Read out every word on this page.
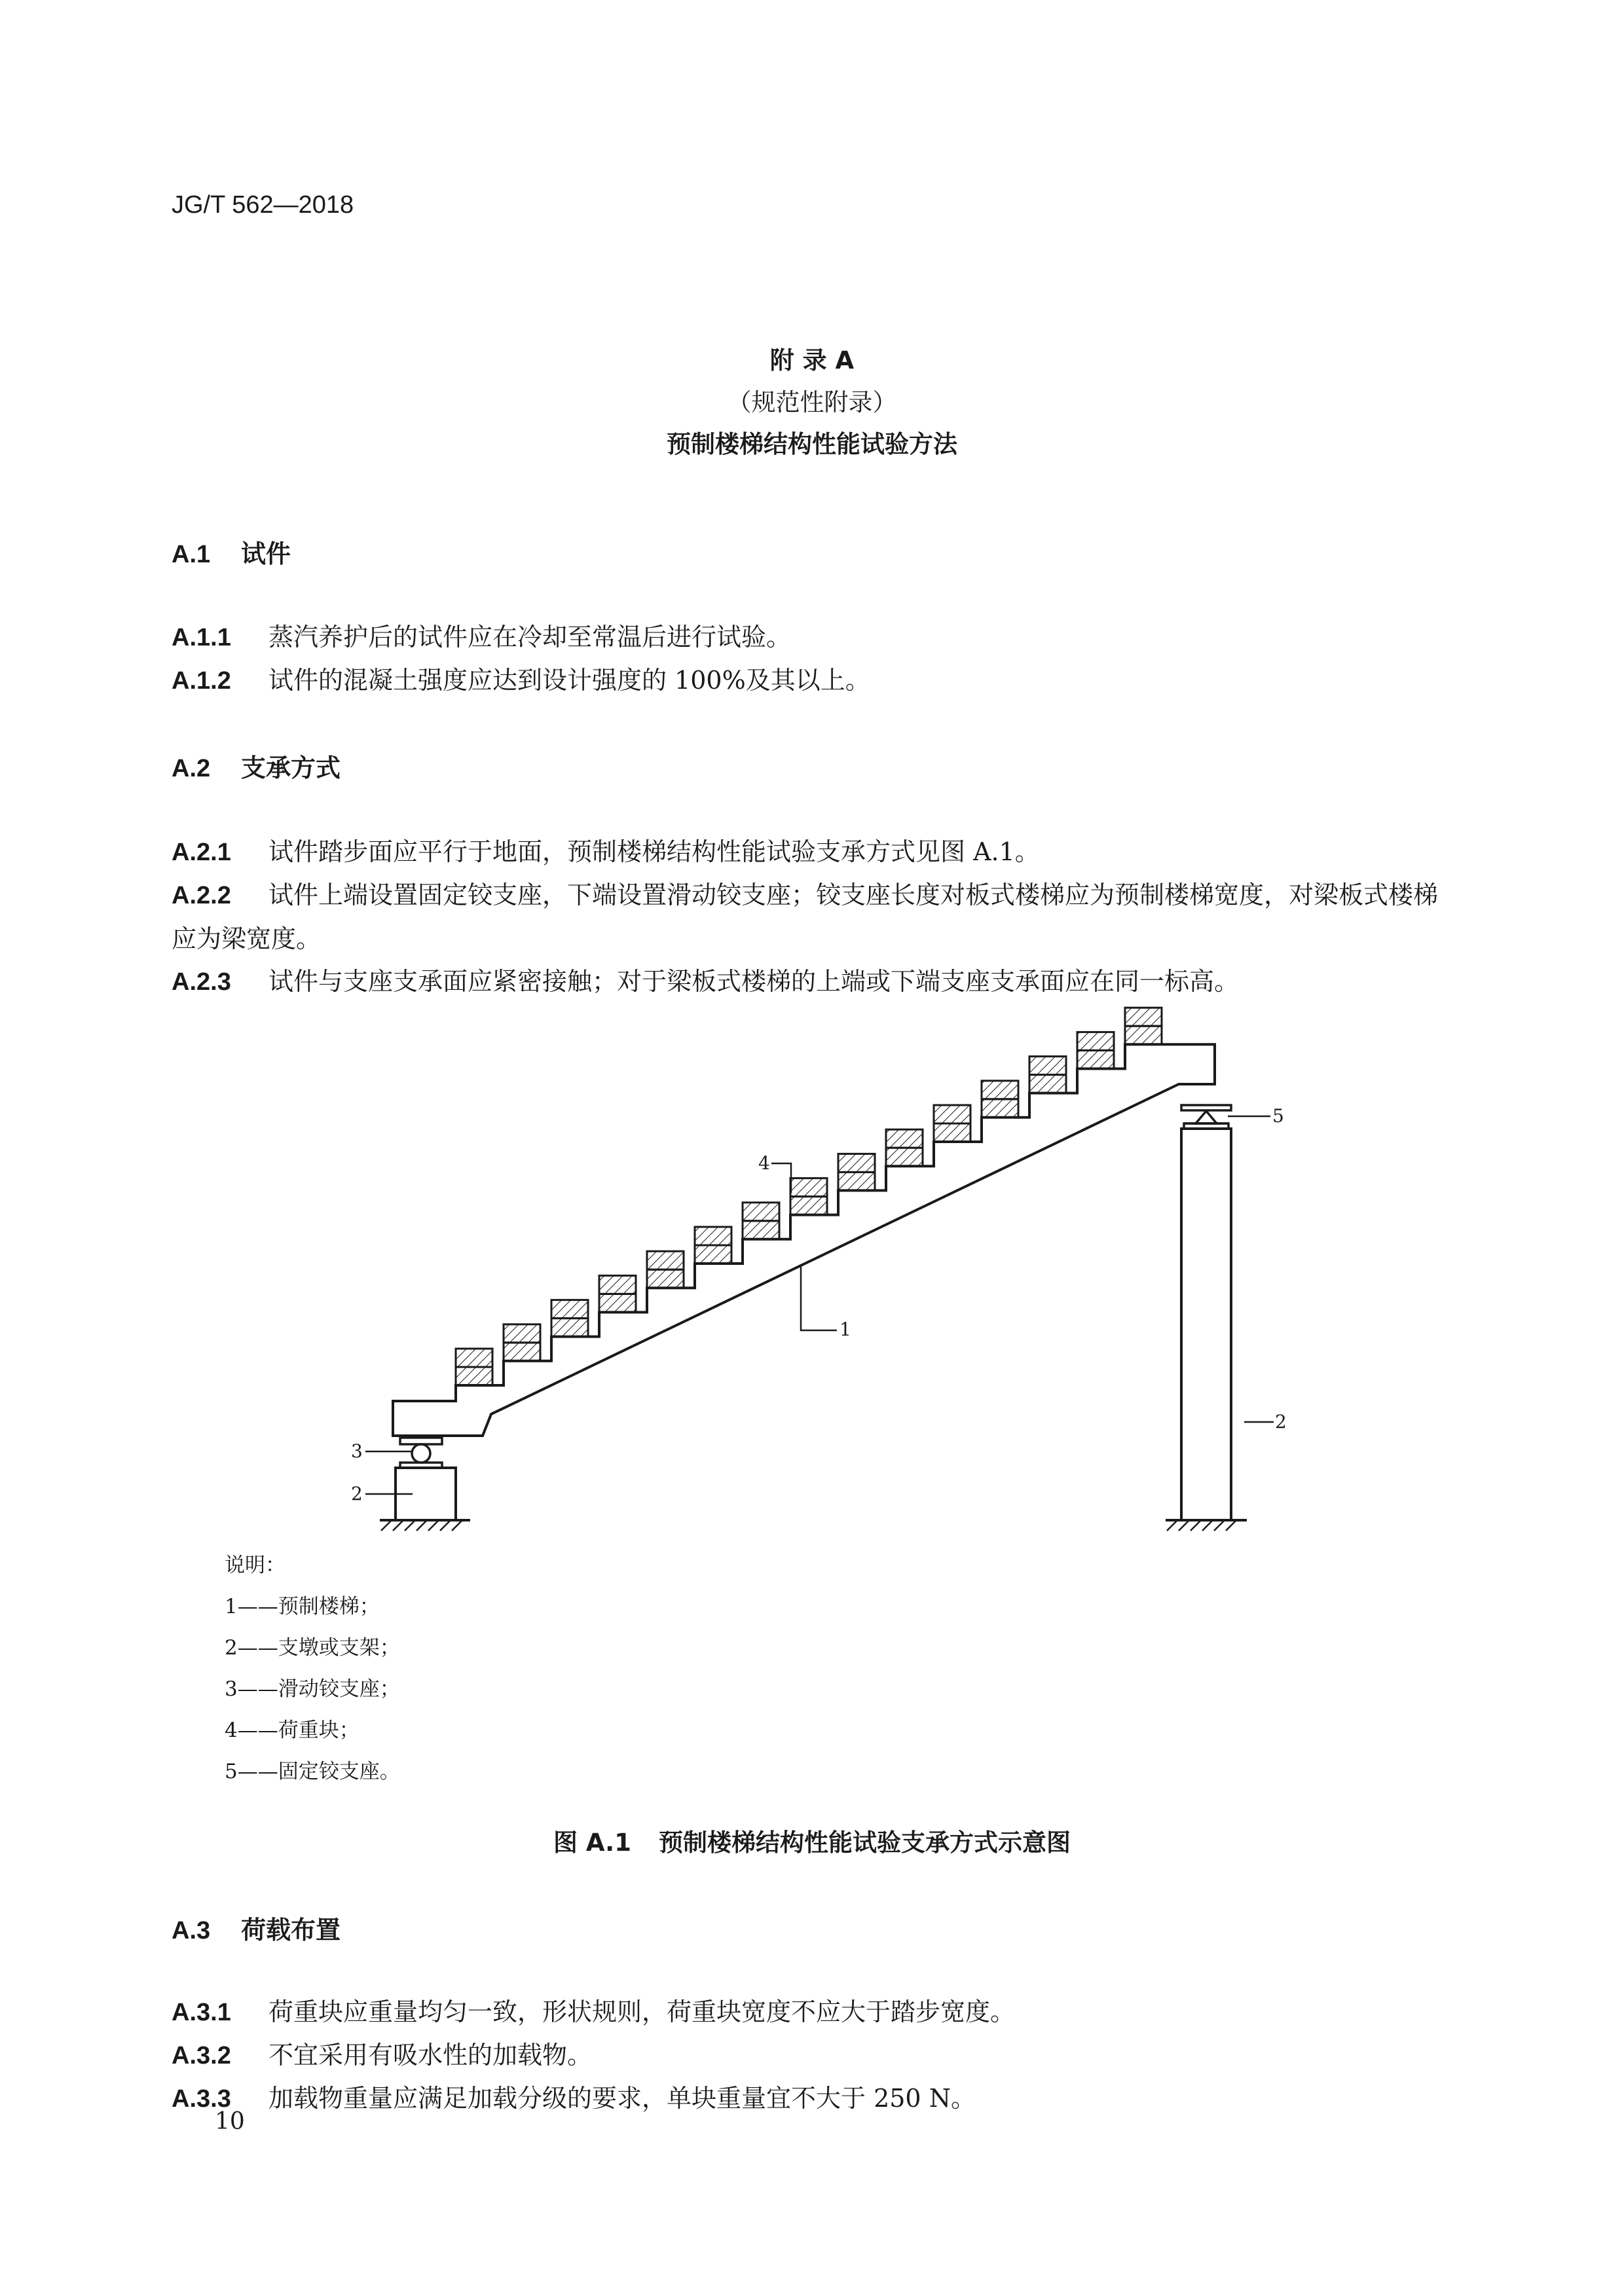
JG/T 562—2018
附 录 A
（规范性附录）
预制楼梯结构性能试验方法
A.1 试件
A.1.1 蒸汽养护后的试件应在冷却至常温后进行试验。
A.1.2 试件的混凝土强度应达到设计强度的 100%及其以上。
A.2 支承方式
A.2.1 试件踏步面应平行于地面，预制楼梯结构性能试验支承方式见图 A.1。
A.2.2 试件上端设置固定铰支座，下端设置滑动铰支座；铰支座长度对板式楼梯应为预制楼梯宽度，对梁板式楼梯应为梁宽度。
A.2.3 试件与支座支承面应紧密接触；对于梁板式楼梯的上端或下端支座支承面应在同一标高。
1
2
3
2
4
5
说明：
1——预制楼梯；
2——支墩或支架；
3——滑动铰支座；
4——荷重块；
5——固定铰支座。
图 A.1 预制楼梯结构性能试验支承方式示意图
A.3 荷载布置
A.3.1 荷重块应重量均匀一致，形状规则，荷重块宽度不应大于踏步宽度。
A.3.2 不宜采用有吸水性的加载物。
A.3.3 加载物重量应满足加载分级的要求，单块重量宜不大于 250 N。
10
